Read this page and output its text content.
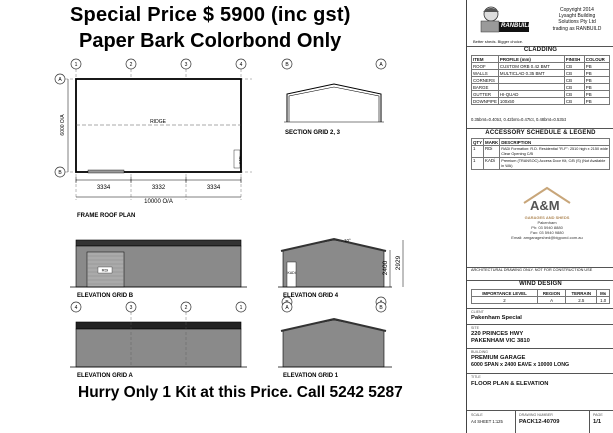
Special Price $ 5900 (inc gst)
Paper Bark Colorbond Only
Hurry Only 1 Kit at this Price. Call 5242 5287
1	2	3	4
A
B
RIDGE
KADi
6000 O/A
3334	3332	3334
10000 O/A
FRAME ROOF PLAN
B	A
SECTION GRID 2, 3
RDi
ELEVATION GRID B
KADi
10°
2400 2929
ELEVATION GRID 4
4	3	2	1
ELEVATION GRID A
A	B
ELEVATION GRID 1
RANBUILD
Better sheds. Bigger choice.
Copyright 2014
Lysaght Building
Solutions Pty Ltd
trading as RANBUILD
CLADDING
ITEM	PROFILE (mm)	FINISH	COLOUR
ROOF	CUSTOM ORB 0.42 BMT	CB	PB
WALLS	MULTICLAD 0.35 BMT	CB	PB
CORNERS		CB	PB
BARGE		CB	PB
GUTTER	HI-QUAD	CB	PB
DOWNPIPE	100x50	CB	PB
0.35bmt=0.40tct, 0.42bmt=0.47tct, 0.48bmt=0.53tct
ACCESSORY SCHEDULE & LEGEND
QTY	MARK	DESCRIPTION
1	RDi	RADi Formation: R.D. Residential "R-F": 2510 high x 2150 wide Clear Opening C/B
1	KADi	Premium (TRANSOC) Access Door Kit, C/B (S) (Not Available in WA)
A&M
GARAGES AND SHEDS
Pakenham
Ph: 03 5940 8880
Fax: 03 5940 9880
Email: amgarageshed@bigpond.com.au
ARCHITECTURAL DRAWING ONLY. NOT FOR CONSTRUCTION USE
WIND DESIGN
IMPORTANCE LEVEL	REGION	TERRAIN	Ms
2	A	2.5	1.0
CLIENT
Pakenham Special
SITE
220 PRINCES HWY
PAKENHAM VIC 3810
BUILDING
PREMIUM GARAGE
6000 SPAN x 2400 EAVE x 10000 LONG
TITLE
FLOOR PLAN & ELEVATION
SCALE
A4 SHEET 1:125
DRAWING NUMBER
PACK12-40709
PAGE
1/1
